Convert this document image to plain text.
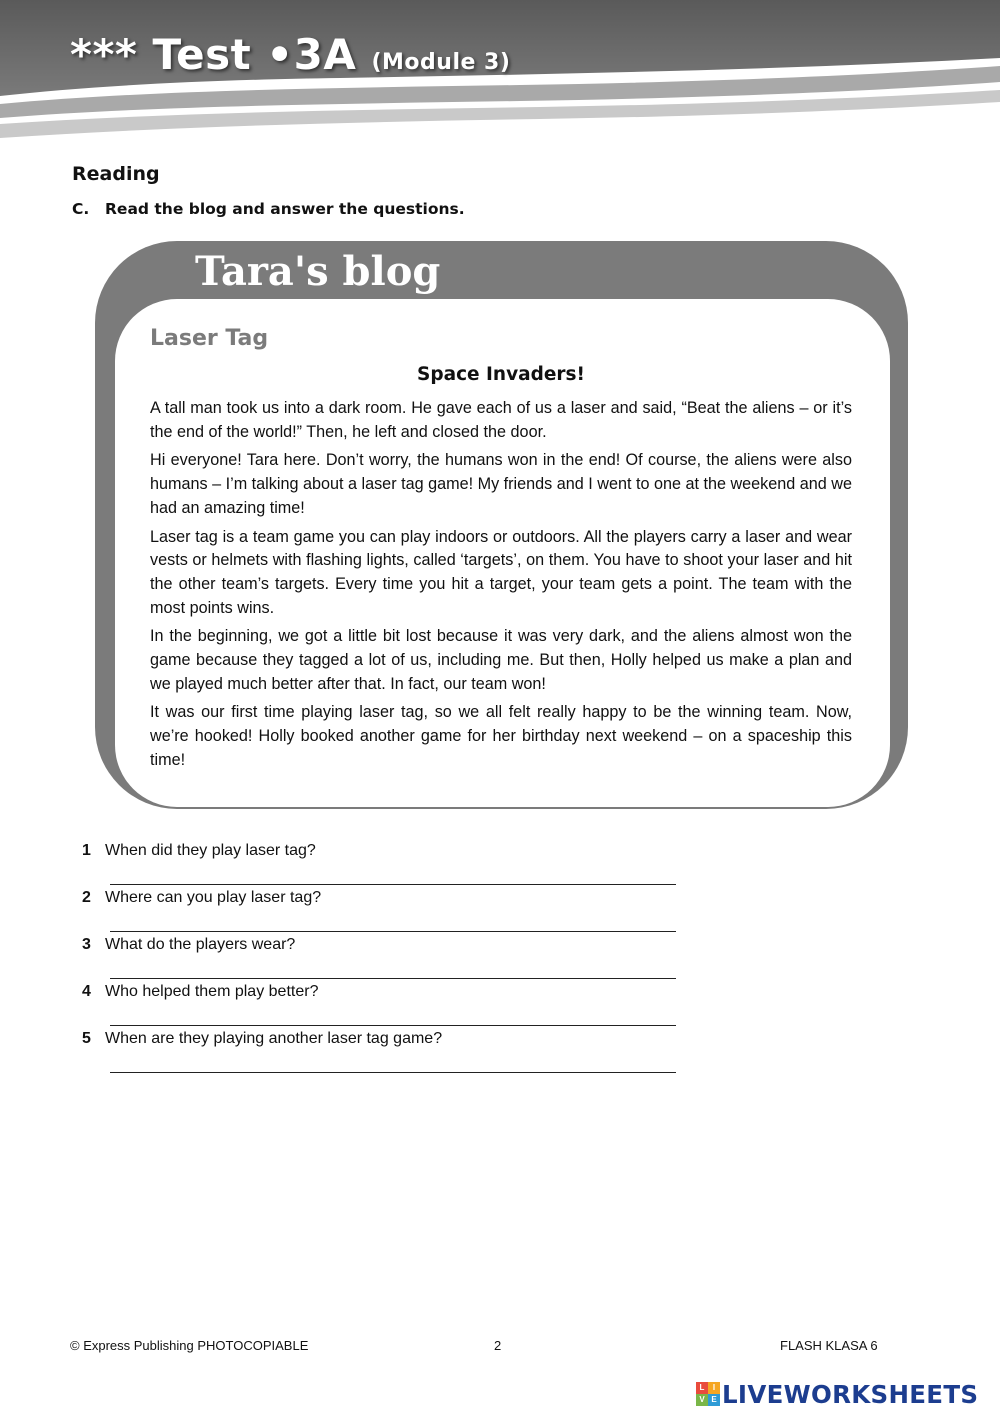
*** Test •3A (Module 3)
Reading
C. Read the blog and answer the questions.
Tara's blog
Laser Tag
Space Invaders!

A tall man took us into a dark room. He gave each of us a laser and said, “Beat the aliens – or it’s the end of the world!” Then, he left and closed the door.

Hi everyone! Tara here. Don’t worry, the humans won in the end! Of course, the aliens were also humans – I’m talking about a laser tag game! My friends and I went to one at the weekend and we had an amazing time!

Laser tag is a team game you can play indoors or outdoors. All the players carry a laser and wear vests or helmets with flashing lights, called ‘targets’, on them. You have to shoot your laser and hit the other team’s targets. Every time you hit a target, your team gets a point. The team with the most points wins.

In the beginning, we got a little bit lost because it was very dark, and the aliens almost won the game because they tagged a lot of us, including me. But then, Holly helped us make a plan and we played much better after that. In fact, our team won!

It was our first time playing laser tag, so we all felt really happy to be the winning team. Now, we’re hooked! Holly booked another game for her birthday next weekend – on a spaceship this time!

1 When did they play laser tag?
2 Where can you play laser tag?
3 What do the players wear?
4 Who helped them play better?
5 When are they playing another laser tag game?
© Express Publishing PHOTOCOPIABLE	2	FLASH KLASA 6
L	I
V E LIVEWORKSHEETS
